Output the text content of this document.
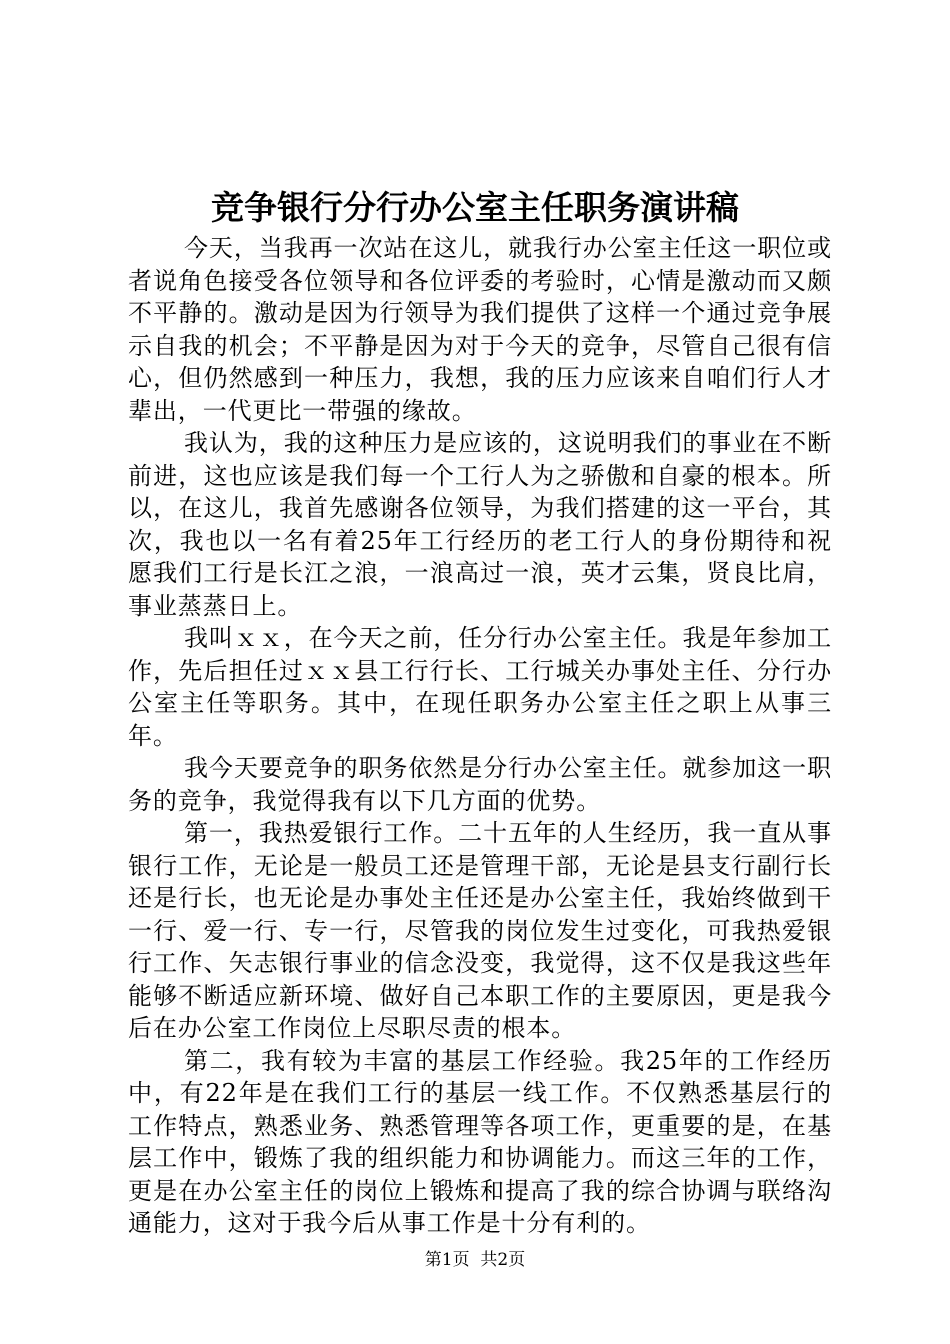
竞争银行分行办公室主任职务演讲稿

今天，当我再一次站在这儿，就我行办公室主任这一职位或者说角色接受各位领导和各位评委的考验时，心情是激动而又颇不平静的。激动是因为行领导为我们提供了这样一个通过竞争展示自我的机会；不平静是因为对于今天的竞争，尽管自己很有信心，但仍然感到一种压力，我想，我的压力应该来自咱们行人才辈出，一代更比一带强的缘故。

我认为，我的这种压力是应该的，这说明我们的事业在不断前进，这也应该是我们每一个工行人为之骄傲和自豪的根本。所以，在这儿，我首先感谢各位领导，为我们搭建的这一平台，其次，我也以一名有着25年工行经历的老工行人的身份期待和祝愿我们工行是长江之浪，一浪高过一浪，英才云集，贤良比肩，事业蒸蒸日上。

我叫ｘｘ，在今天之前，任分行办公室主任。我是年参加工作，先后担任过ｘｘ县工行行长、工行城关办事处主任、分行办公室主任等职务。其中，在现任职务办公室主任之职上从事三年。

我今天要竞争的职务依然是分行办公室主任。就参加这一职务的竞争，我觉得我有以下几方面的优势。

第一，我热爱银行工作。二十五年的人生经历，我一直从事银行工作，无论是一般员工还是管理干部，无论是县支行副行长还是行长，也无论是办事处主任还是办公室主任，我始终做到干一行、爱一行、专一行，尽管我的岗位发生过变化，可我热爱银行工作、矢志银行事业的信念没变，我觉得，这不仅是我这些年能够不断适应新环境、做好自己本职工作的主要原因，更是我今后在办公室工作岗位上尽职尽责的根本。

第二，我有较为丰富的基层工作经验。我25年的工作经历中，有22年是在我们工行的基层一线工作。不仅熟悉基层行的工作特点，熟悉业务、熟悉管理等各项工作，更重要的是，在基层工作中，锻炼了我的组织能力和协调能力。而这三年的工作，更是在办公室主任的岗位上锻炼和提高了我的综合协调与联络沟通能力，这对于我今后从事工作是十分有利的。

第1页  共2页
